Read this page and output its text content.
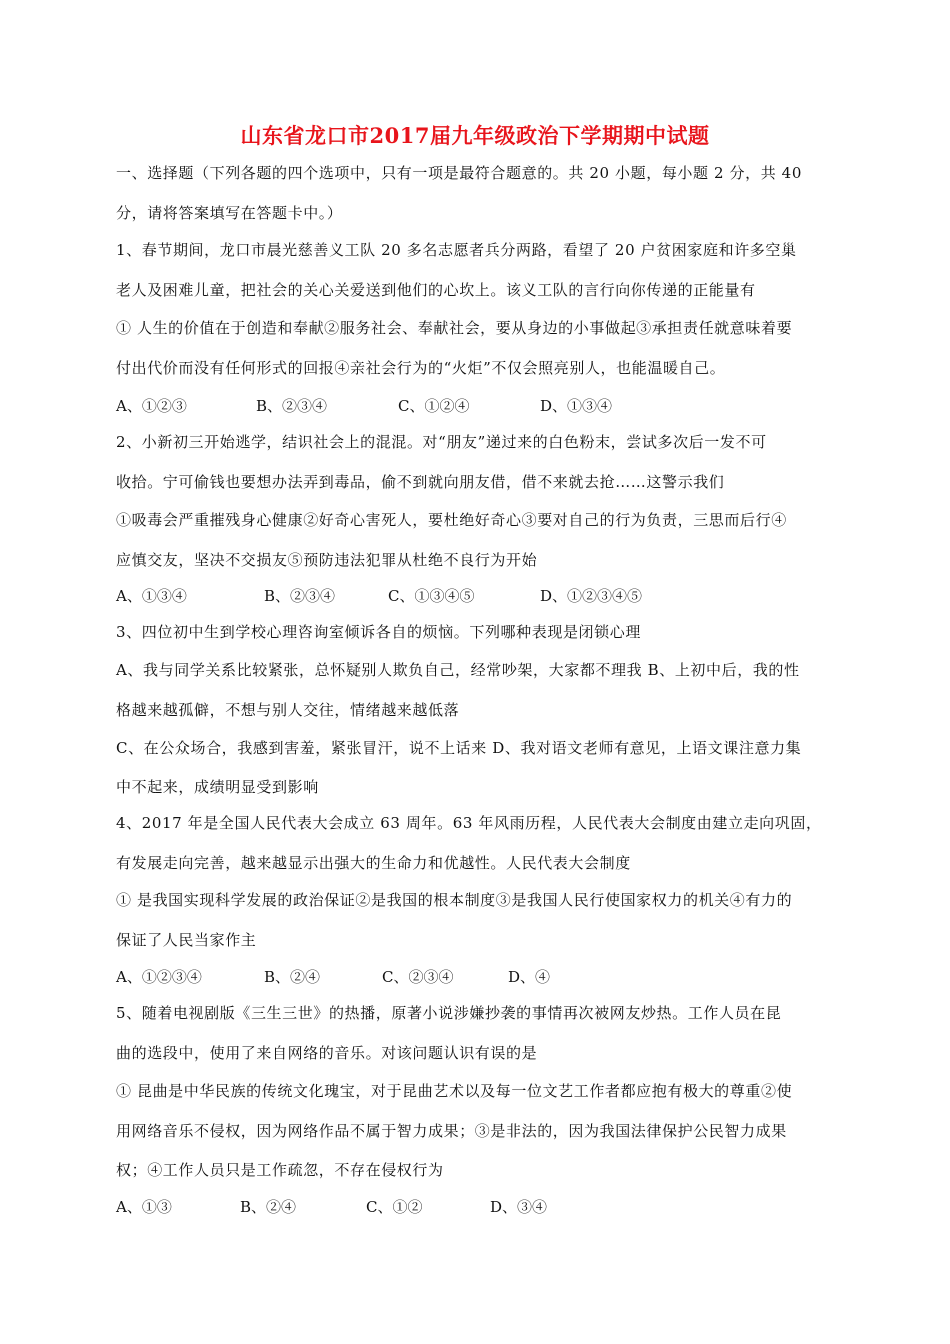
山东省龙口市2017届九年级政治下学期期中试题
一、选择题（下列各题的四个选项中，只有一项是最符合题意的。共 20 小题，每小题 2 分，共 40
分，请将答案填写在答题卡中。）
1、春节期间，龙口市晨光慈善义工队 20 多名志愿者兵分两路，看望了 20 户贫困家庭和许多空巢
老人及困难儿童，把社会的关心关爱送到他们的心坎上。该义工队的言行向你传递的正能量有
① 人生的价值在于创造和奉献②服务社会、奉献社会，要从身边的小事做起③承担责任就意味着要
付出代价而没有任何形式的回报④亲社会行为的“火炬”不仅会照亮别人，也能温暖自己。
A、①②③	B、②③④	C、①②④	D、①③④
2、小新初三开始逃学，结识社会上的混混。对“朋友”递过来的白色粉末，尝试多次后一发不可
收拾。宁可偷钱也要想办法弄到毒品，偷不到就向朋友借，借不来就去抢……这警示我们
①吸毒会严重摧残身心健康②好奇心害死人，要杜绝好奇心③要对自己的行为负责，三思而后行④
应慎交友，坚决不交损友⑤预防违法犯罪从杜绝不良行为开始
A、①③④	B、②③④	C、①③④⑤	D、①②③④⑤
3、四位初中生到学校心理咨询室倾诉各自的烦恼。下列哪种表现是闭锁心理
A、我与同学关系比较紧张，总怀疑别人欺负自己，经常吵架，大家都不理我 B、上初中后，我的性
格越来越孤僻，不想与别人交往，情绪越来越低落
C、在公众场合，我感到害羞，紧张冒汗，说不上话来 D、我对语文老师有意见，上语文课注意力集
中不起来，成绩明显受到影响
4、2017 年是全国人民代表大会成立 63 周年。63 年风雨历程，人民代表大会制度由建立走向巩固，
有发展走向完善，越来越显示出强大的生命力和优越性。人民代表大会制度
① 是我国实现科学发展的政治保证②是我国的根本制度③是我国人民行使国家权力的机关④有力的
保证了人民当家作主
A、①②③④	B、②④	C、②③④	D、④
5、随着电视剧版《三生三世》的热播，原著小说涉嫌抄袭的事情再次被网友炒热。工作人员在昆
曲的选段中，使用了来自网络的音乐。对该问题认识有误的是
① 昆曲是中华民族的传统文化瑰宝，对于昆曲艺术以及每一位文艺工作者都应抱有极大的尊重②使
用网络音乐不侵权，因为网络作品不属于智力成果；③是非法的，因为我国法律保护公民智力成果
权；④工作人员只是工作疏忽，不存在侵权行为
A、①③	B、②④	C、①②	D、③④
